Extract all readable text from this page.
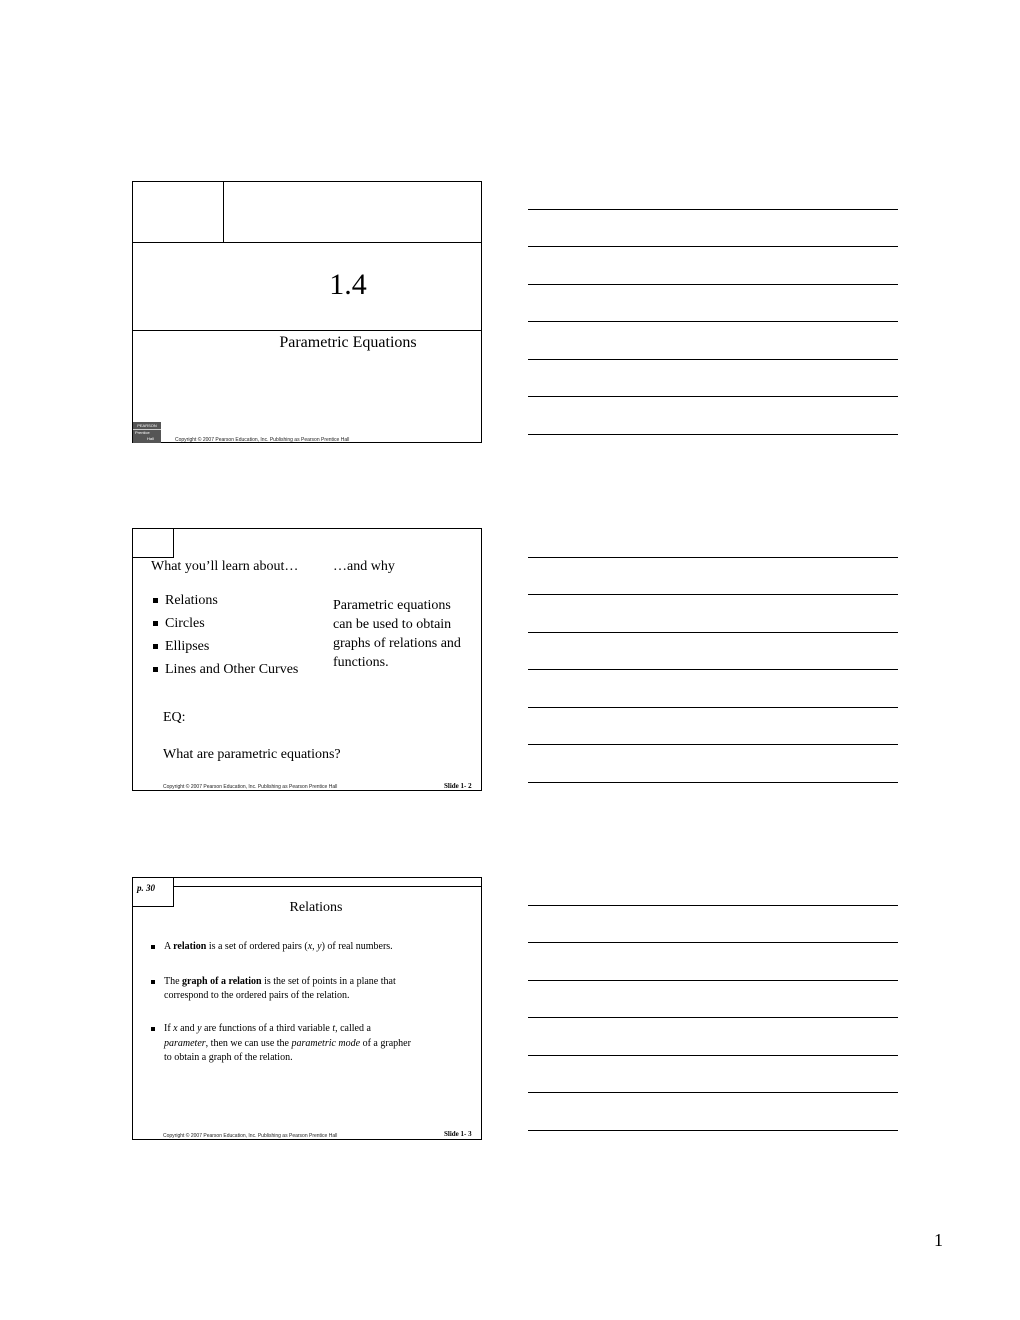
1.4
Parametric Equations
PEARSON
Prentice
Hall	Copyright © 2007 Pearson Education, Inc. Publishing as Pearson Prentice Hall
What you’ll learn about… …and why
Relations
Circles
Ellipses
Lines and Other Curves
Parametric equations
can be used to obtain
graphs of relations and
functions.
EQ:
What are parametric equations?
Copyright © 2007 Pearson Education, Inc. Publishing as Pearson Prentice Hall	Slide 1- 2
p. 30
Relations
A relation is a set of ordered pairs (x, y) of real numbers.
The graph of a relation is the set of points in a plane that
correspond to the ordered pairs of the relation.
If x and y are functions of a third variable t, called a
parameter, then we can use the parametric mode of a grapher
to obtain a graph of the relation.
Copyright © 2007 Pearson Education, Inc. Publishing as Pearson Prentice Hall	Slide 1- 3
1
